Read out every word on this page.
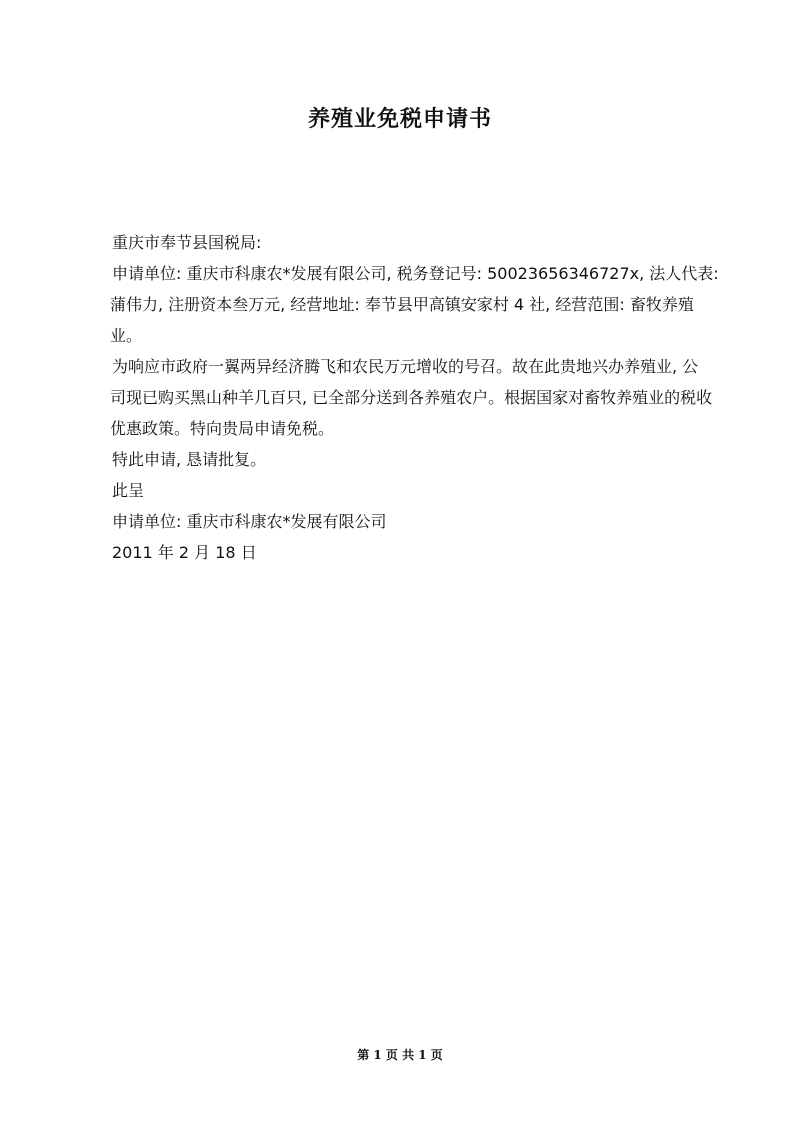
养殖业免税申请书

重庆市奉节县国税局:

申请单位: 重庆市科康农*发展有限公司, 税务登记号: 50023656346727x, 法人代表:

蒲伟力, 注册资本叁万元, 经营地址: 奉节县甲高镇安家村 4 社, 经营范围: 畜牧养殖

业。

为响应市政府一翼两异经济腾飞和农民万元增收的号召。故在此贵地兴办养殖业, 公

司现已购买黑山种羊几百只, 已全部分送到各养殖农户。根据国家对畜牧养殖业的税收

优惠政策。特向贵局申请免税。

特此申请, 恳请批复。

此呈

申请单位: 重庆市科康农*发展有限公司

2011 年 2 月 18 日

第 1 页 共 1 页
